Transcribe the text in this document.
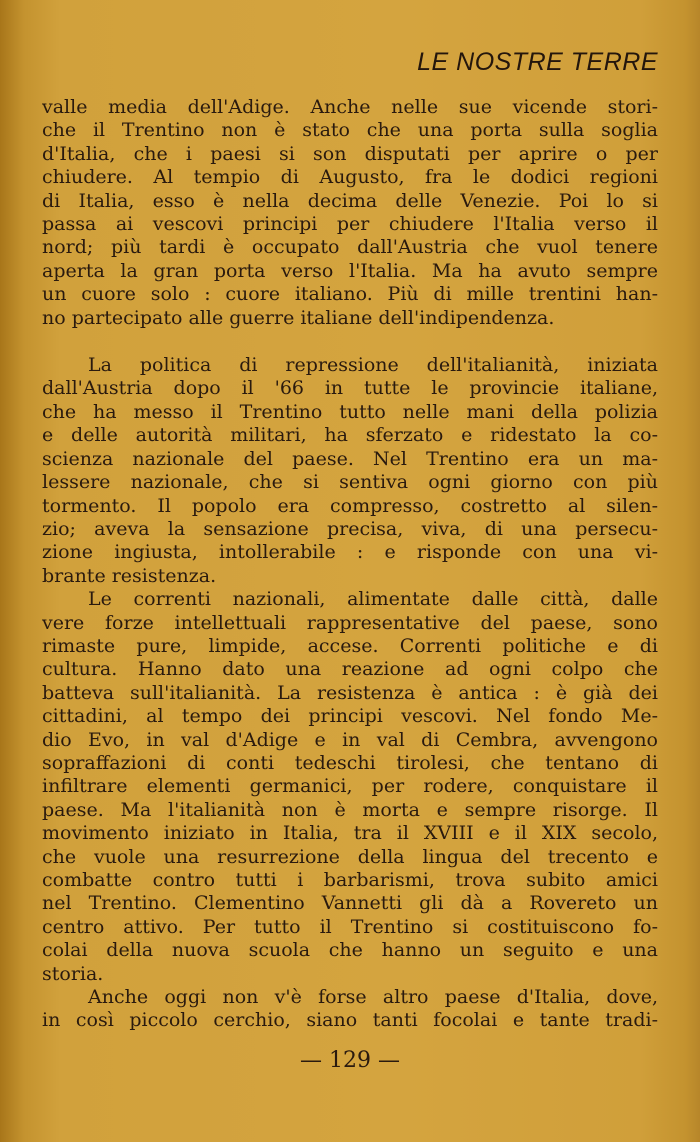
LE NOSTRE TERRE

valle media dell'Adige. Anche nelle sue vicende stori-
che il Trentino non è stato che una porta sulla soglia
d'Italia, che i paesi si son disputati per aprire o per
chiudere. Al tempio di Augusto, fra le dodici regioni
di Italia, esso è nella decima delle Venezie. Poi lo si
passa ai vescovi principi per chiudere l'Italia verso il
nord; più tardi è occupato dall'Austria che vuol tenere
aperta la gran porta verso l'Italia. Ma ha avuto sempre
un cuore solo : cuore italiano. Più di mille trentini han-
no partecipato alle guerre italiane dell'indipendenza.

La politica di repressione dell'italianità, iniziata
dall'Austria dopo il '66 in tutte le provincie italiane,
che ha messo il Trentino tutto nelle mani della polizia
e delle autorità militari, ha sferzato e ridestato la co-
scienza nazionale del paese. Nel Trentino era un ma-
lessere nazionale, che si sentiva ogni giorno con più
tormento. Il popolo era compresso, costretto al silen-
zio; aveva la sensazione precisa, viva, di una persecu-
zione ingiusta, intollerabile : e risponde con una vi-
brante resistenza.

Le correnti nazionali, alimentate dalle città, dalle
vere forze intellettuali rappresentative del paese, sono
rimaste pure, limpide, accese. Correnti politiche e di
cultura. Hanno dato una reazione ad ogni colpo che
batteva sull'italianità. La resistenza è antica : è già dei
cittadini, al tempo dei principi vescovi. Nel fondo Me-
dio Evo, in val d'Adige e in val di Cembra, avvengono
sopraffazioni di conti tedeschi tirolesi, che tentano di
infiltrare elementi germanici, per rodere, conquistare il
paese. Ma l'italianità non è morta e sempre risorge. Il
movimento iniziato in Italia, tra il XVIII e il XIX secolo,
che vuole una resurrezione della lingua del trecento e
combatte contro tutti i barbarismi, trova subito amici
nel Trentino. Clementino Vannetti gli dà a Rovereto un
centro attivo. Per tutto il Trentino si costituiscono fo-
colai della nuova scuola che hanno un seguito e una
storia.

Anche oggi non v'è forse altro paese d'Italia, dove,
in così piccolo cerchio, siano tanti focolai e tante tradi-

— 129 —
